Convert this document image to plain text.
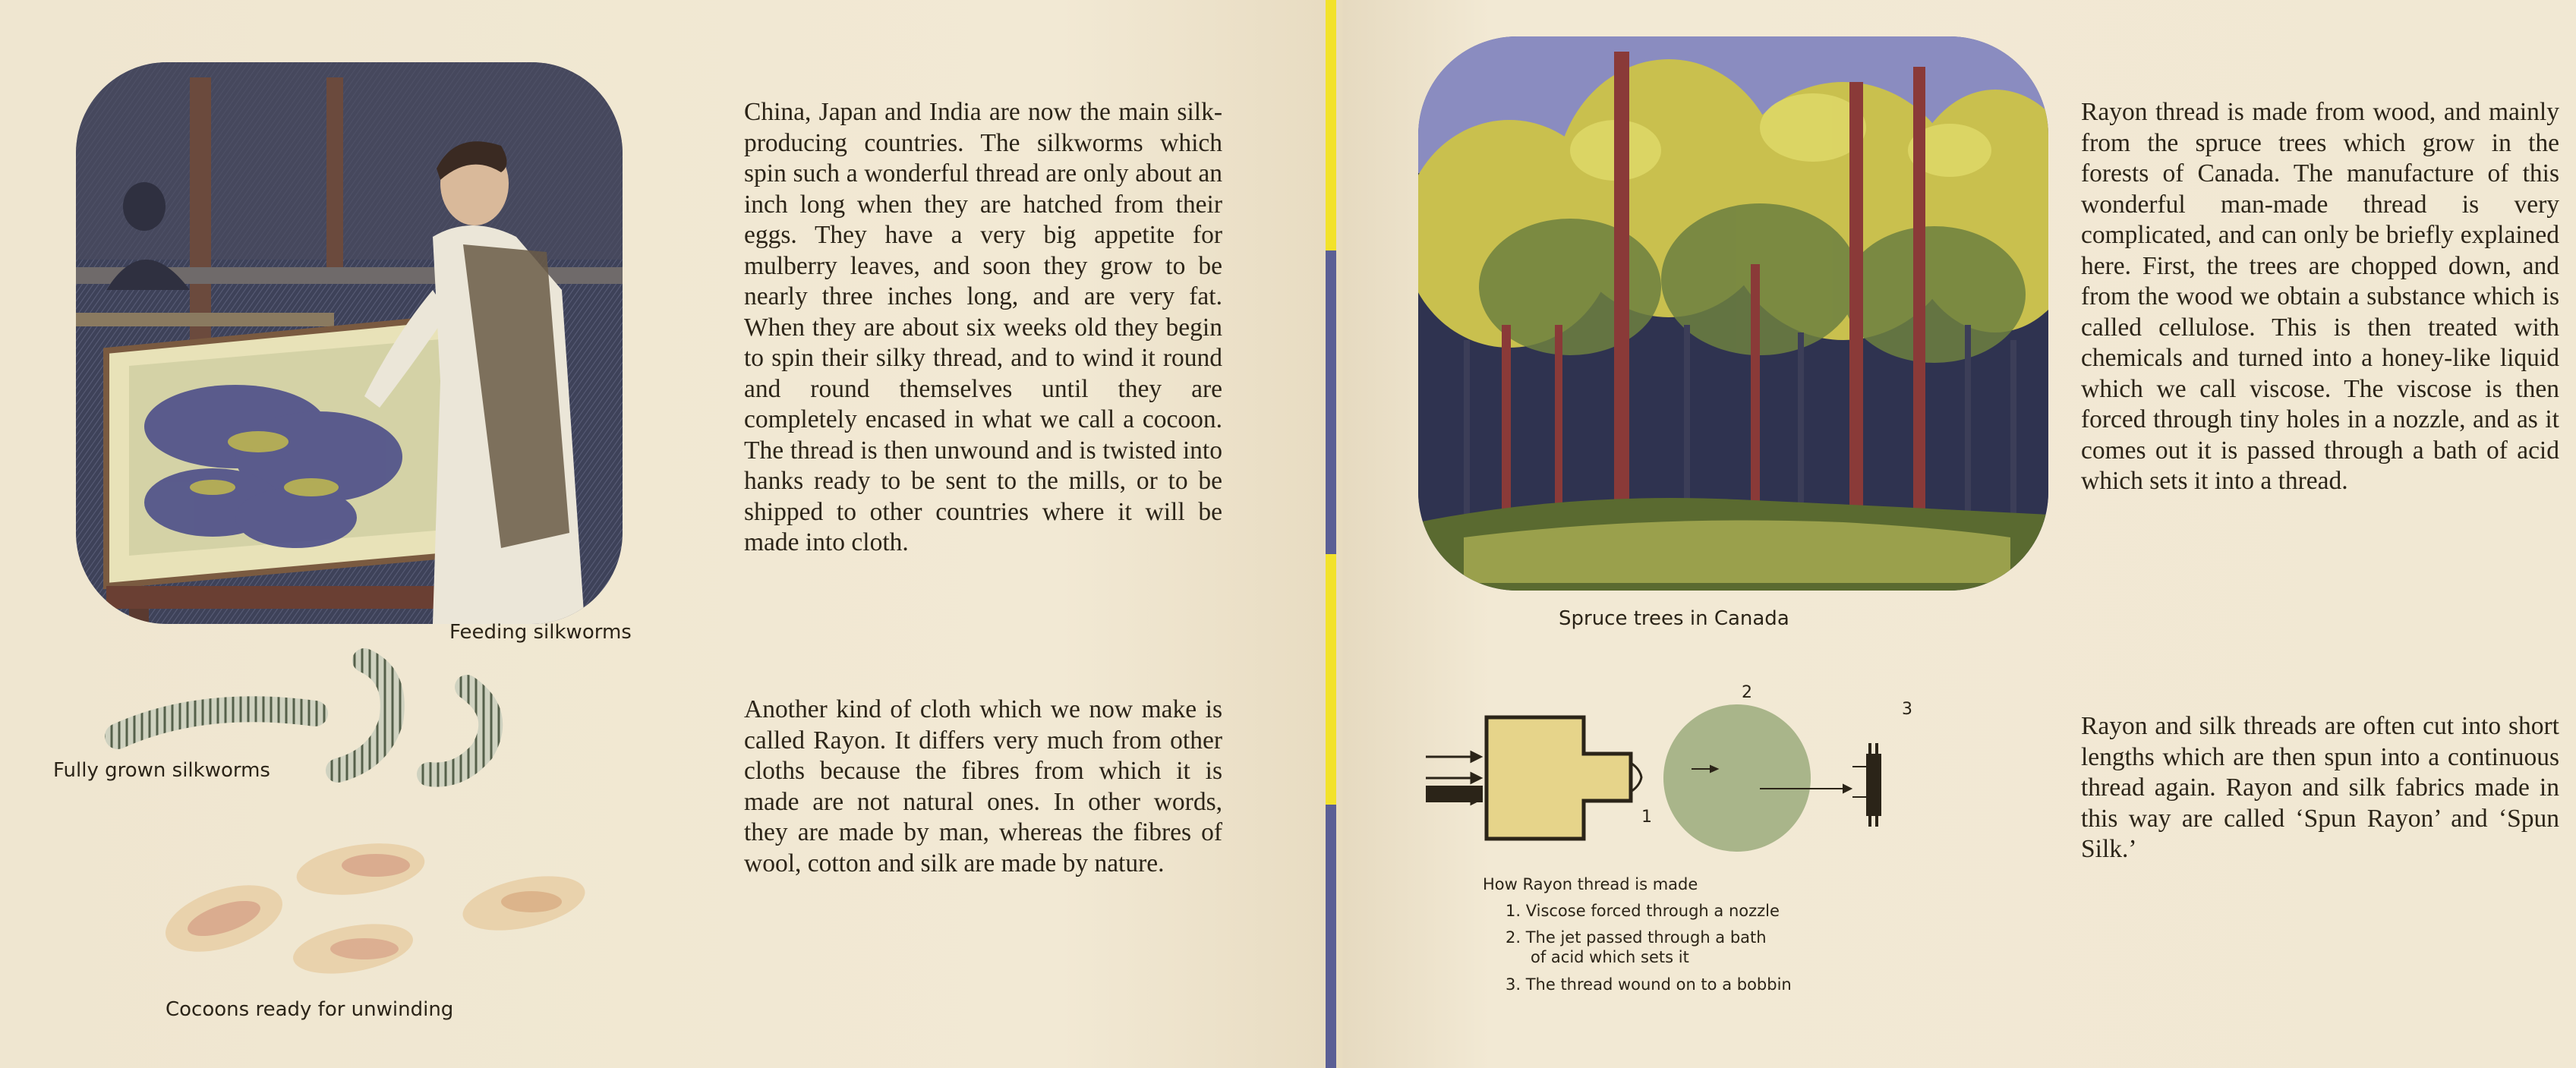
Feeding silkworms
Fully grown silkworms
Cocoons ready for unwinding

China, Japan and India are now the main silk-producing countries. The silkworms which spin such a wonderful thread are only about an inch long when they are hatched from their eggs. They have a very big appetite for mulberry leaves, and soon they grow to be nearly three inches long, and are very fat. When they are about six weeks old they begin to spin their silky thread, and to wind it round and round themselves until they are completely encased in what we call a cocoon. The thread is then unwound and is twisted into hanks ready to be sent to the mills, or to be shipped to other countries where it will be made into cloth.

Another kind of cloth which we now make is called Rayon. It differs very much from other cloths because the fibres from which it is made are not natural ones. In other words, they are made by man, whereas the fibres of wool, cotton and silk are made by nature.

Spruce trees in Canada
1
2
3
How Rayon thread is made
1. Viscose forced through a nozzle
2. The jet passed through a bath
of acid which sets it
3. The thread wound on to a bobbin

Rayon thread is made from wood, and mainly from the spruce trees which grow in the forests of Canada. The manufacture of this wonderful man-made thread is very complicated, and can only be briefly explained here. First, the trees are chopped down, and from the wood we obtain a substance which is called cellulose. This is then treated with chemicals and turned into a honey-like liquid which we call viscose. The viscose is then forced through tiny holes in a nozzle, and as it comes out it is passed through a bath of acid which sets it into a thread.

Rayon and silk threads are often cut into short lengths which are then spun into a continuous thread again. Rayon and silk fabrics made in this way are called ‘Spun Rayon’ and ‘Spun Silk.’
